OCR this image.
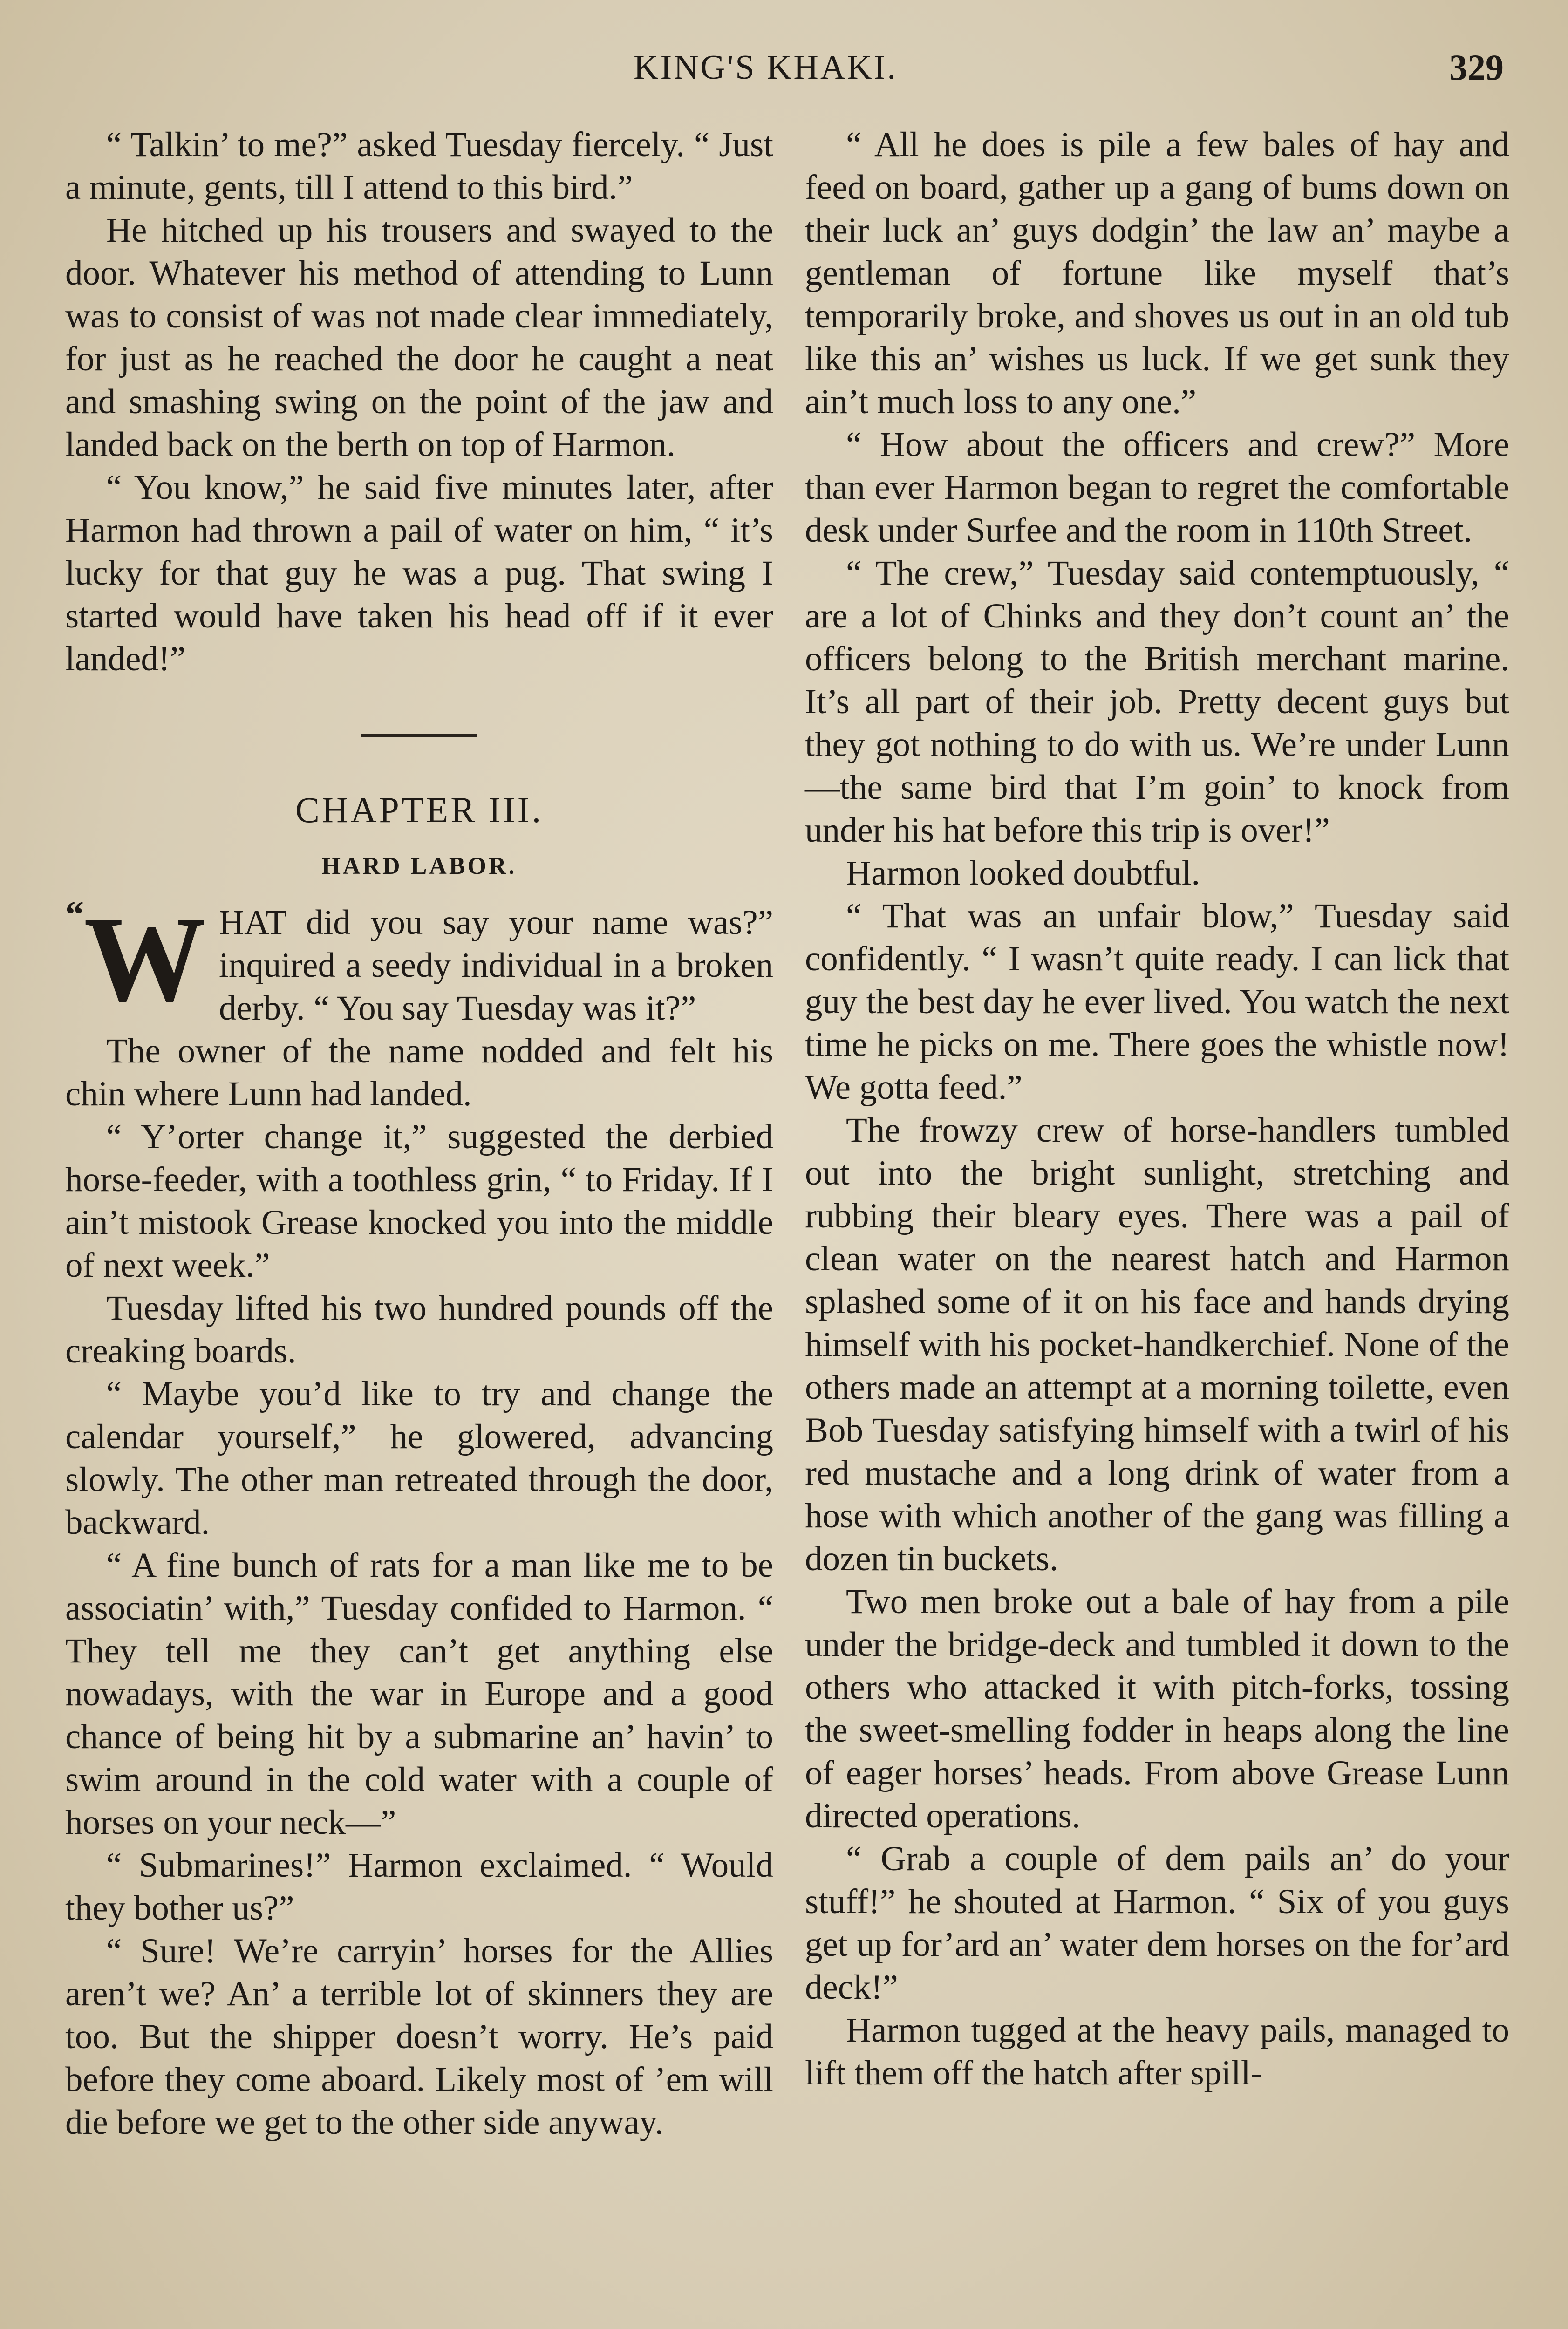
KING'S KHAKI.	329

“ Talkin’ to me?” asked Tuesday fiercely. “ Just a minute, gents, till I attend to this bird.”

He hitched up his trousers and swayed to the door. Whatever his method of attending to Lunn was to consist of was not made clear immediately, for just as he reached the door he caught a neat and smashing swing on the point of the jaw and landed back on the berth on top of Harmon.

“ You know,” he said five minutes later, after Harmon had thrown a pail of water on him, “ it’s lucky for that guy he was a pug. That swing I started would have taken his head off if it ever landed!”

CHAPTER III.
HARD LABOR.

“ W HAT did you say your name was?” inquired a seedy individual in a broken derby. “ You say Tuesday was it?”

The owner of the name nodded and felt his chin where Lunn had landed.

“ Y’orter change it,” suggested the derbied horse-feeder, with a toothless grin, “ to Friday. If I ain’t mistook Grease knocked you into the middle of next week.”

Tuesday lifted his two hundred pounds off the creaking boards.

“ Maybe you’d like to try and change the calendar yourself,” he glowered, advancing slowly. The other man retreated through the door, backward.

“ A fine bunch of rats for a man like me to be associatin’ with,” Tuesday confided to Harmon. “ They tell me they can’t get anything else nowadays, with the war in Europe and a good chance of being hit by a submarine an’ havin’ to swim around in the cold water with a couple of horses on your neck—”

“ Submarines!” Harmon exclaimed. “ Would they bother us?”

“ Sure! We’re carryin’ horses for the Allies aren’t we? An’ a terrible lot of skinners they are too. But the shipper doesn’t worry. He’s paid before they come aboard. Likely most of ’em will die before we get to the other side anyway.

“ All he does is pile a few bales of hay and feed on board, gather up a gang of bums down on their luck an’ guys dodgin’ the law an’ maybe a gentleman of fortune like myself that’s temporarily broke, and shoves us out in an old tub like this an’ wishes us luck. If we get sunk they ain’t much loss to any one.”

“ How about the officers and crew?” More than ever Harmon began to regret the comfortable desk under Surfee and the room in 110th Street.

“ The crew,” Tuesday said contemptuously, “ are a lot of Chinks and they don’t count an’ the officers belong to the British merchant marine. It’s all part of their job. Pretty decent guys but they got nothing to do with us. We’re under Lunn—the same bird that I’m goin’ to knock from under his hat before this trip is over!”

Harmon looked doubtful.

“ That was an unfair blow,” Tuesday said confidently. “ I wasn’t quite ready. I can lick that guy the best day he ever lived. You watch the next time he picks on me. There goes the whistle now! We gotta feed.”

The frowzy crew of horse-handlers tumbled out into the bright sunlight, stretching and rubbing their bleary eyes. There was a pail of clean water on the nearest hatch and Harmon splashed some of it on his face and hands drying himself with his pocket-handkerchief. None of the others made an attempt at a morning toilette, even Bob Tuesday satisfying himself with a twirl of his red mustache and a long drink of water from a hose with which another of the gang was filling a dozen tin buckets.

Two men broke out a bale of hay from a pile under the bridge-deck and tumbled it down to the others who attacked it with pitch-forks, tossing the sweet-smelling fodder in heaps along the line of eager horses’ heads. From above Grease Lunn directed operations.

“ Grab a couple of dem pails an’ do your stuff!” he shouted at Harmon. “ Six of you guys get up for’ard an’ water dem horses on the for’ard deck!”

Harmon tugged at the heavy pails, managed to lift them off the hatch after spill-
